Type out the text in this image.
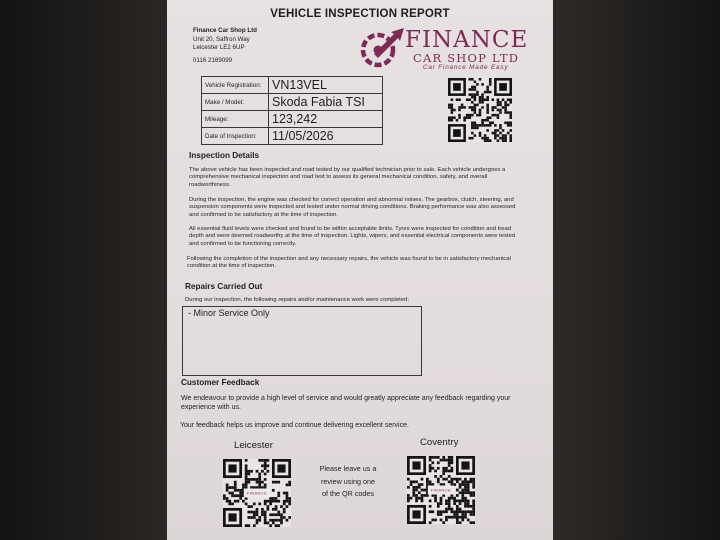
VEHICLE INSPECTION REPORT
Finance Car Shop Ltd
Unit 20, Saffron Way
Leicester LE2 6UP
0116 2169099
FINANCE
CAR SHOP LTD
Car Finance Made Easy
Vehicle Registration:	VN13VEL
Make / Model:	Skoda Fabia TSI
Mileage:	123,242
Date of Inspection:	11/05/2026
Inspection Details
The above vehicle has been inspected and road tested by our qualified technician prior to sale. Each vehicle undergoes a comprehensive mechanical inspection and road test to assess its general mechanical condition, safety, and overall roadworthiness.
During the inspection, the engine was checked for correct operation and abnormal noises. The gearbox, clutch, steering, and suspension components were inspected and tested under normal driving conditions. Braking performance was also assessed and confirmed to be satisfactory at the time of inspection.
All essential fluid levels were checked and found to be within acceptable limits. Tyres were inspected for condition and tread depth and were deemed roadworthy at the time of inspection. Lights, wipers, and essential electrical components were tested and confirmed to be functioning correctly.
Following the completion of the inspection and any necessary repairs, the vehicle was found to be in satisfactory mechanical condition at the time of inspection.
Repairs Carried Out
During our inspection, the following repairs and/or maintenance work were completed:
- Minor Service Only
Customer Feedback
We endeavour to provide a high level of service and would greatly appreciate any feedback regarding your experience with us.
Your feedback helps us improve and continue delivering excellent service.
Leicester	Coventry
FINANCE
Please leave us a
review using one
of the QR codes	FINANCE
